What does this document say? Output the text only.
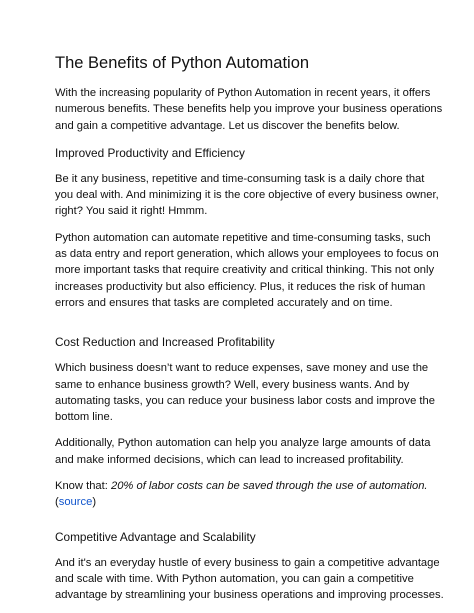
The Benefits of Python Automation

With the increasing popularity of Python Automation in recent years, it offers numerous benefits. These benefits help you improve your business operations and gain a competitive advantage. Let us discover the benefits below.

Improved Productivity and Efficiency

Be it any business, repetitive and time-consuming task is a daily chore that you deal with. And minimizing it is the core objective of every business owner, right? You said it right! Hmmm.

Python automation can automate repetitive and time-consuming tasks, such as data entry and report generation, which allows your employees to focus on more important tasks that require creativity and critical thinking. This not only increases productivity but also efficiency. Plus, it reduces the risk of human errors and ensures that tasks are completed accurately and on time.

Cost Reduction and Increased Profitability

Which business doesn’t want to reduce expenses, save money and use the same to enhance business growth? Well, every business wants. And by automating tasks, you can reduce your business labor costs and improve the bottom line.

Additionally, Python automation can help you analyze large amounts of data and make informed decisions, which can lead to increased profitability.

Know that: 20% of labor costs can be saved through the use of automation.(source)

Competitive Advantage and Scalability

And it's an everyday hustle of every business to gain a competitive advantage and scale with time. With Python automation, you can gain a competitive advantage by streamlining your business operations and improving processes.
